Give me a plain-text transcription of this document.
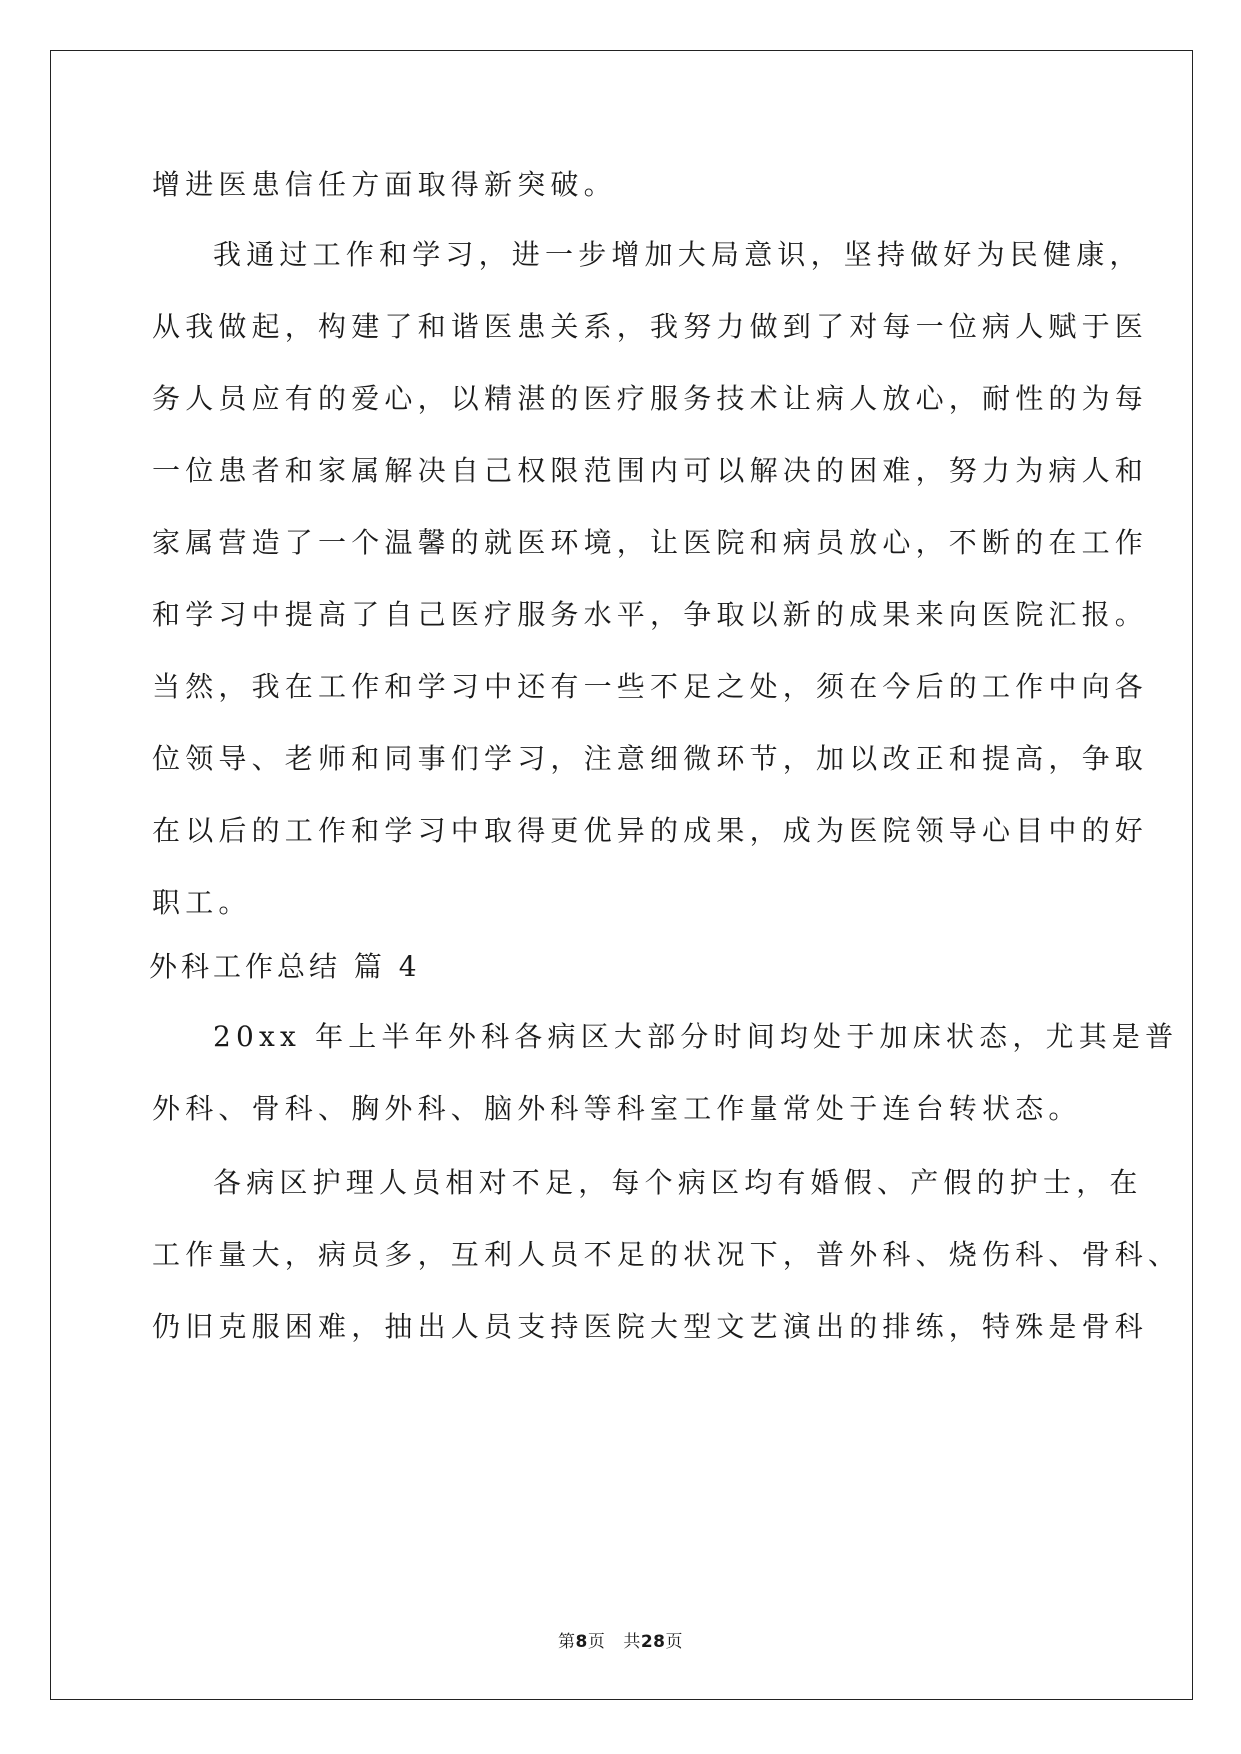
增进医患信任方面取得新突破。
我通过工作和学习，进一步增加大局意识，坚持做好为民健康，
从我做起，构建了和谐医患关系，我努力做到了对每一位病人赋于医
务人员应有的爱心，以精湛的医疗服务技术让病人放心，耐性的为每
一位患者和家属解决自己权限范围内可以解决的困难，努力为病人和
家属营造了一个温馨的就医环境，让医院和病员放心，不断的在工作
和学习中提高了自己医疗服务水平，争取以新的成果来向医院汇报。
当然，我在工作和学习中还有一些不足之处，须在今后的工作中向各
位领导、老师和同事们学习，注意细微环节，加以改正和提高，争取
在以后的工作和学习中取得更优异的成果，成为医院领导心目中的好
职工。
外科工作总结 篇 4
20xx 年上半年外科各病区大部分时间均处于加床状态，尤其是普
外科、骨科、胸外科、脑外科等科室工作量常处于连台转状态。
各病区护理人员相对不足，每个病区均有婚假、产假的护士，在
工作量大，病员多，互利人员不足的状况下，普外科、烧伤科、骨科、
仍旧克服困难，抽出人员支持医院大型文艺演出的排练，特殊是骨科
第8页 共28页
